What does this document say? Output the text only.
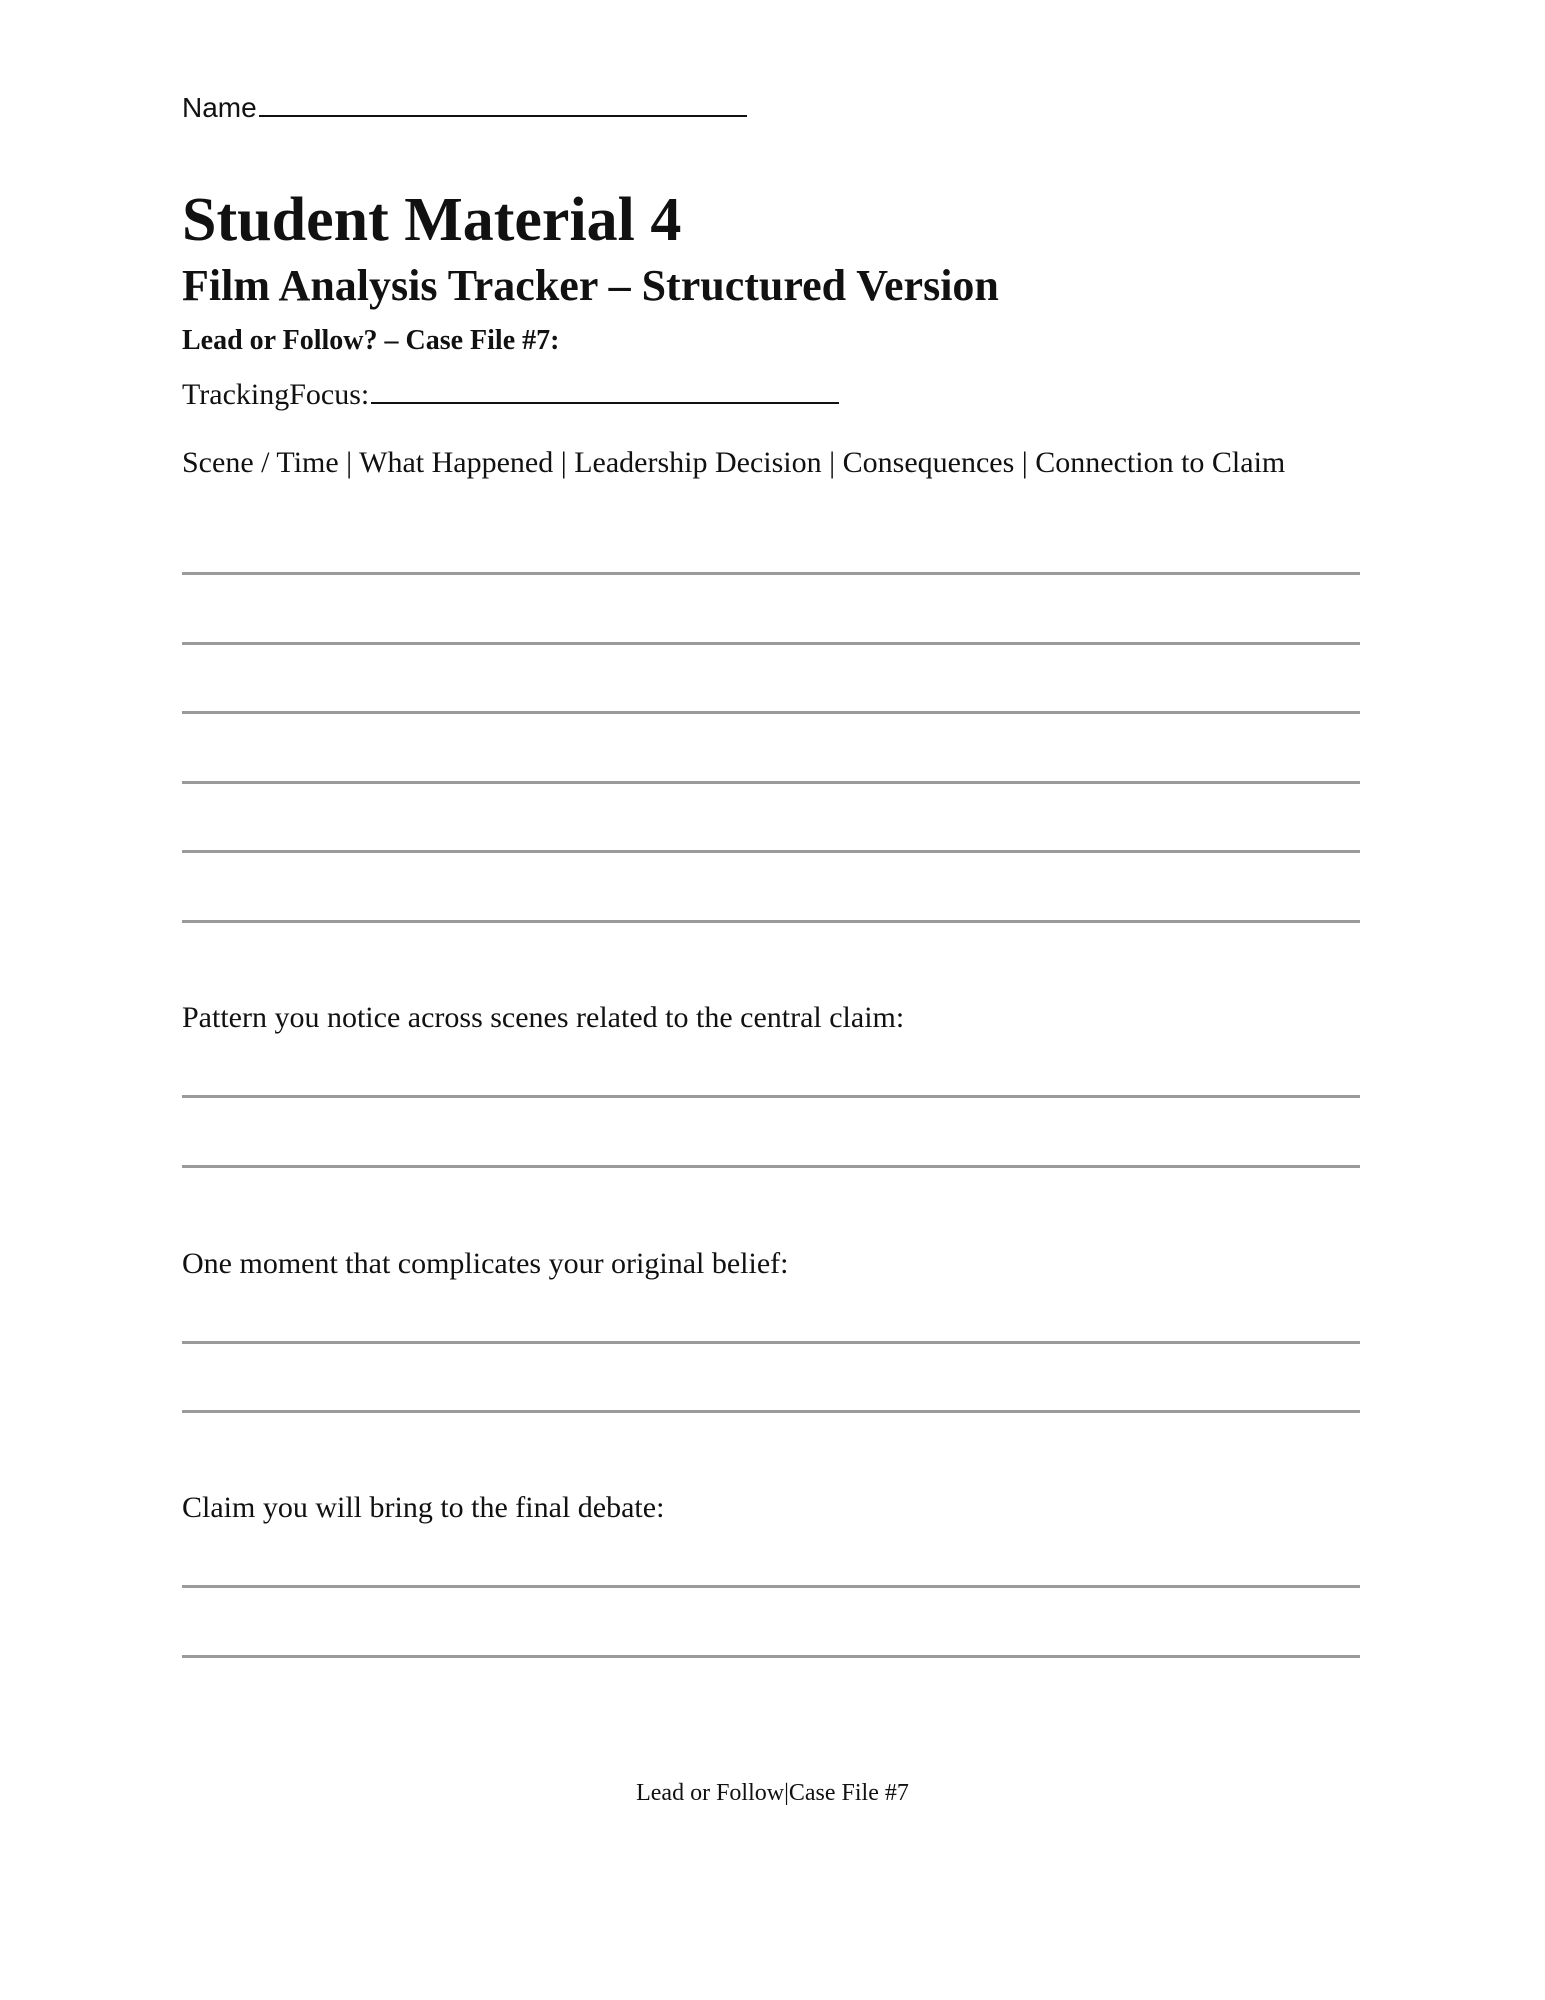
Name
Student Material 4
Film Analysis Tracker – Structured Version
Lead or Follow? – Case File #7:
TrackingFocus:
Scene / Time | What Happened | Leadership Decision | Consequences | Connection to Claim
Pattern you notice across scenes related to the central claim:
One moment that complicates your original belief:
Claim you will bring to the final debate:
Lead or Follow|Case File #7
